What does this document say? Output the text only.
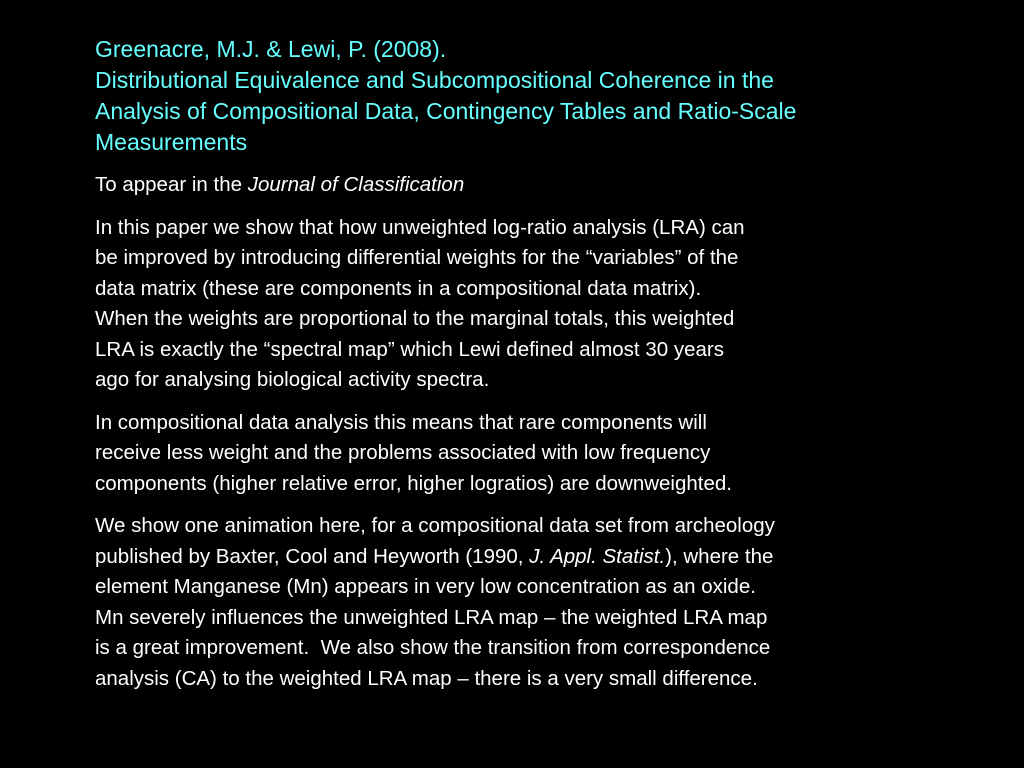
Greenacre, M.J. & Lewi, P. (2008).
Distributional Equivalence and Subcompositional Coherence in the
Analysis of Compositional Data, Contingency Tables and Ratio-Scale
Measurements

To appear in the Journal of Classification

In this paper we show that how unweighted log-ratio analysis (LRA) can
be improved by introducing differential weights for the “variables” of the
data matrix (these are components in a compositional data matrix).
When the weights are proportional to the marginal totals, this weighted
LRA is exactly the “spectral map” which Lewi defined almost 30 years
ago for analysing biological activity spectra.

In compositional data analysis this means that rare components will
receive less weight and the problems associated with low frequency
components (higher relative error, higher logratios) are downweighted.

We show one animation here, for a compositional data set from archeology
published by Baxter, Cool and Heyworth (1990, J. Appl. Statist.), where the
element Manganese (Mn) appears in very low concentration as an oxide.
Mn severely influences the unweighted LRA map – the weighted LRA map
is a great improvement.  We also show the transition from correspondence
analysis (CA) to the weighted LRA map – there is a very small difference.
